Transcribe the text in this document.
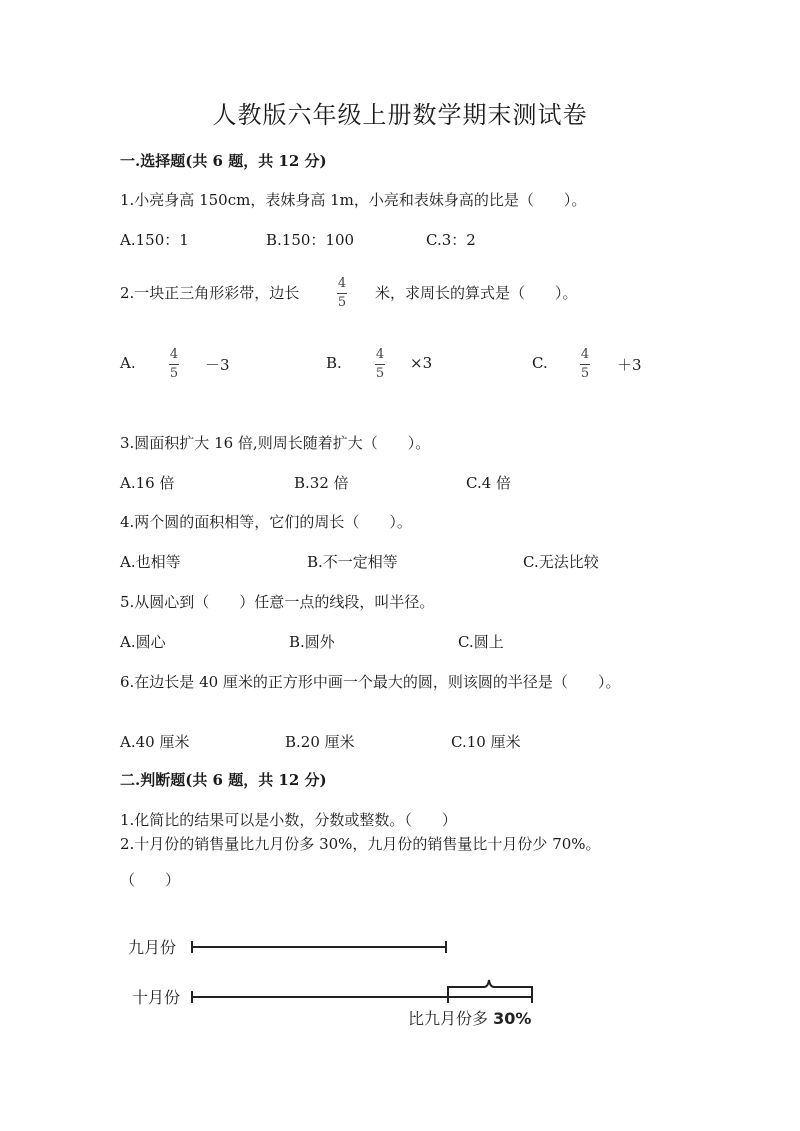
人教版六年级上册数学期末测试卷
一.选择题(共 6 题，共 12 分)
1.小亮身高 150cm，表妹身高 1m，小亮和表妹身高的比是（　　）。
A.150：1	B.150：100	C.3：2
2.一块正三角形彩带，边长
4
5
米，求周长的算式是（　　）。
A.	4
5 －3	B.	4
5
×3	C.	4
5 ＋3
3.圆面积扩大 16 倍,则周长随着扩大（　　）。
A.16 倍	B.32 倍	C.4 倍
4.两个圆的面积相等，它们的周长（　　）。
A.也相等	B.不一定相等	C.无法比较
5.从圆心到（　　）任意一点的线段，叫半径。
A.圆心	B.圆外	C.圆上
6.在边长是 40 厘米的正方形中画一个最大的圆，则该圆的半径是（　　）。
A.40 厘米	B.20 厘米	C.10 厘米
二.判断题(共 6 题，共 12 分)
1.化简比的结果可以是小数，分数或整数。（　　）
2.十月份的销售量比九月份多 30%，九月份的销售量比十月份少 70%。
（　　）
九月份
十月份
比九月份多 30%
